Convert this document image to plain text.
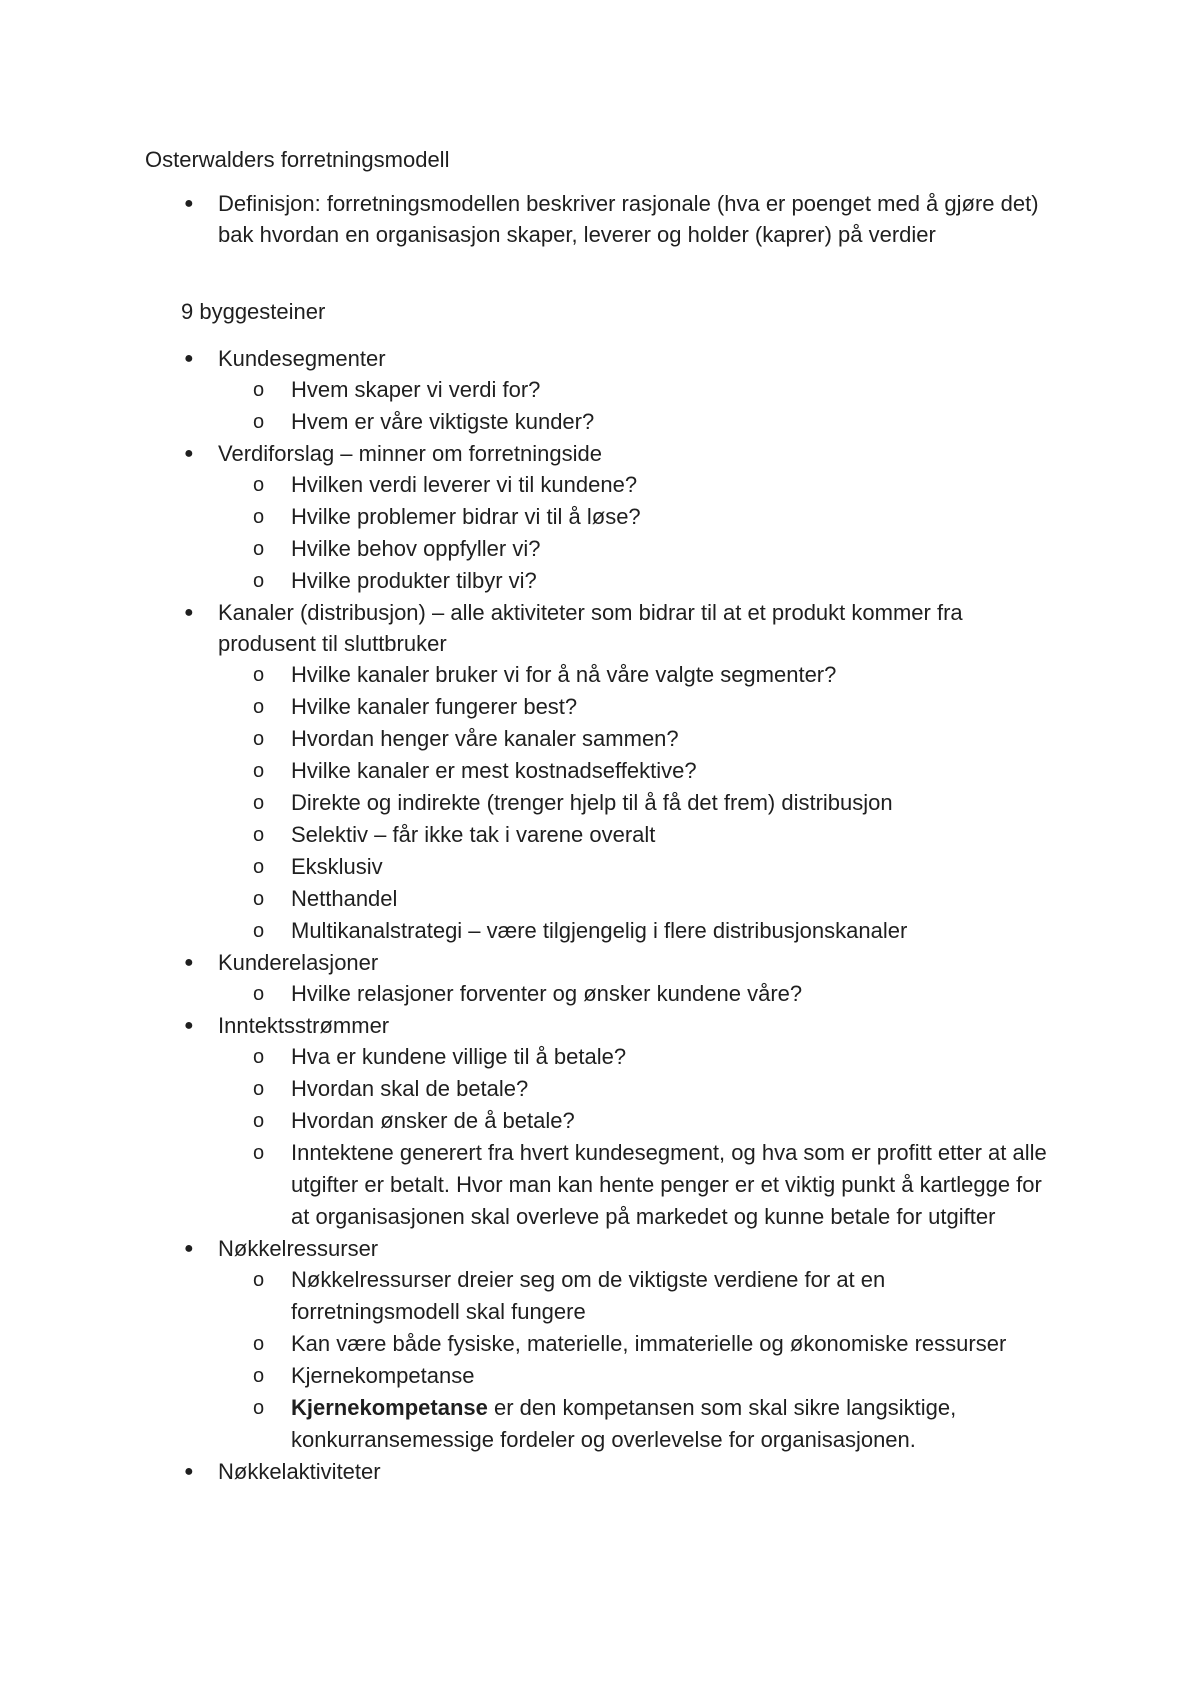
Osterwalders forretningsmodell
●	Definisjon: forretningsmodellen beskriver rasjonale (hva er poenget med å gjøre det) bak hvordan en organisasjon skaper, leverer og holder (kaprer) på verdier

9 byggesteiner

●	Kundesegmenter
o Hvem skaper vi verdi for?
o Hvem er våre viktigste kunder?
●	Verdiforslag – minner om forretningside
o Hvilken verdi leverer vi til kundene?
o Hvilke problemer bidrar vi til å løse?
o Hvilke behov oppfyller vi?
o Hvilke produkter tilbyr vi?
●	Kanaler (distribusjon) – alle aktiviteter som bidrar til at et produkt kommer fra produsent til sluttbruker
o Hvilke kanaler bruker vi for å nå våre valgte segmenter?
o Hvilke kanaler fungerer best?
o Hvordan henger våre kanaler sammen?
o Hvilke kanaler er mest kostnadseffektive?
o Direkte og indirekte (trenger hjelp til å få det frem) distribusjon
o Selektiv – får ikke tak i varene overalt
o Eksklusiv
o Netthandel
o Multikanalstrategi – være tilgjengelig i flere distribusjonskanaler
●	Kunderelasjoner
o Hvilke relasjoner forventer og ønsker kundene våre?
●	Inntektsstrømmer
o Hva er kundene villige til å betale?
o Hvordan skal de betale?
o Hvordan ønsker de å betale?
o Inntektene generert fra hvert kundesegment, og hva som er profitt etter at alle utgifter er betalt. Hvor man kan hente penger er et viktig punkt å kartlegge for at organisasjonen skal overleve på markedet og kunne betale for utgifter
●	Nøkkelressurser
o Nøkkelressurser dreier seg om de viktigste verdiene for at en forretningsmodell skal fungere
o Kan være både fysiske, materielle, immaterielle og økonomiske ressurser
o Kjernekompetanse
o Kjernekompetanse er den kompetansen som skal sikre langsiktige, konkurransemessige fordeler og overlevelse for organisasjonen.
●	Nøkkelaktiviteter
